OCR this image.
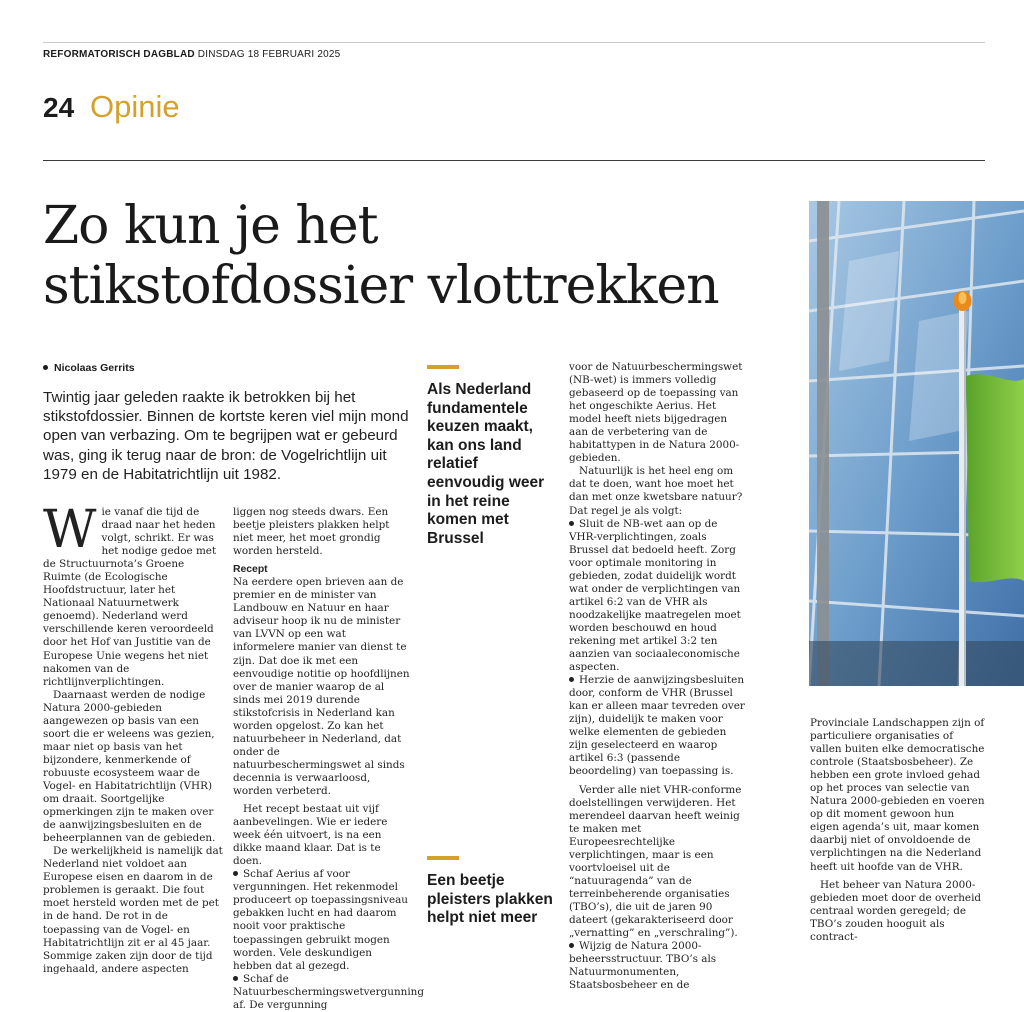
REFORMATORISCH DAGBLAD DINSDAG 18 FEBRUARI 2025
24 Opinie
Zo kun je het
stikstofdossier vlottrekken
Nicolaas Gerrits
Twintig jaar geleden raakte ik betrokken bij het stikstofdossier. Binnen de kortste keren viel mijn mond open van verbazing. Om te begrijpen wat er gebeurd was, ging ik terug naar de bron: de Vogelrichtlijn uit 1979 en de Habitatrichtlijn uit 1982.

Wie vanaf die tijd de draad naar het heden volgt, schrikt. Er was het nodige gedoe met de Structuurnota’s Groene Ruimte (de Ecologische Hoofdstructuur, later het Nationaal Natuurnetwerk genoemd). Nederland werd verschillende keren veroordeeld door het Hof van Justitie van de Europese Unie wegens het niet nakomen van de richtlijnverplichtingen.

Daarnaast werden de nodige Natura 2000-gebieden aangewezen op basis van een soort die er weleens was gezien, maar niet op basis van het bijzondere, kenmerkende of robuuste ecosysteem waar de Vogel- en Habitatrichtlijn (VHR) om draait. Soortgelijke opmerkingen zijn te maken over de aanwijzingsbesluiten en de beheerplannen van de gebieden.

De werkelijkheid is namelijk dat Nederland niet voldoet aan Europese eisen en daarom in de problemen is geraakt. Die fout moet hersteld worden met de pet in de hand. De rot in de toepassing van de Vogel- en Habitatrichtlijn zit er al 45 jaar. Sommige zaken zijn door de tijd ingehaald, andere aspecten

liggen nog steeds dwars. Een beetje pleisters plakken helpt niet meer, het moet grondig worden hersteld.

Recept

Na eerdere open brieven aan de premier en de minister van Landbouw en Natuur en haar adviseur hoop ik nu de minister van LVVN op een wat informelere manier van dienst te zijn. Dat doe ik met een eenvoudige notitie op hoofdlijnen over de manier waarop de al sinds mei 2019 durende stikstofcrisis in Nederland kan worden opgelost. Zo kan het natuurbeheer in Nederland, dat onder de natuurbeschermingswet al sinds decennia is verwaarloosd, worden verbeterd.

Het recept bestaat uit vijf aanbevelingen. Wie er iedere week één uitvoert, is na een dikke maand klaar. Dat is te doen.

Schaf Aerius af voor vergunningen. Het rekenmodel produceert op toepassingsniveau gebakken lucht en had daarom nooit voor praktische toepassingen gebruikt mogen worden. Vele deskundigen hebben dat al gezegd.

Schaf de Natuurbeschermingswetvergunning af. De vergunning

Als Nederland fundamentele keuzen maakt, kan ons land relatief eenvoudig weer in het reine komen met Brussel
Een beetje pleisters plakken helpt niet meer

voor de Natuurbeschermingswet (NB-wet) is immers volledig gebaseerd op de toepassing van het ongeschikte Aerius. Het model heeft niets bijgedragen aan de verbetering van de habitattypen in de Natura 2000-gebieden.

Natuurlijk is het heel eng om dat te doen, want hoe moet het dan met onze kwetsbare natuur? Dat regel je als volgt:

Sluit de NB-wet aan op de VHR-verplichtingen, zoals Brussel dat bedoeld heeft. Zorg voor optimale monitoring in gebieden, zodat duidelijk wordt wat onder de verplichtingen van artikel 6:2 van de VHR als noodzakelijke maatregelen moet worden beschouwd en houd rekening met artikel 3:2 ten aanzien van sociaaleconomische aspecten.

Herzie de aanwijzingsbesluiten door, conform de VHR (Brussel kan er alleen maar tevreden over zijn), duidelijk te maken voor welke elementen de gebieden zijn geselecteerd en waarop artikel 6:3 (passende beoordeling) van toepassing is.

Verder alle niet VHR-conforme doelstellingen verwijderen. Het merendeel daarvan heeft weinig te maken met Europeesrechtelijke verplichtingen, maar is een voortvloeisel uit de “natuuragenda” van de terreinbeherende organisaties (TBO’s), die uit de jaren 90 dateert (gekarakteriseerd door „vernatting” en „verschraling”).

Wijzig de Natura 2000-beheersstructuur. TBO’s als Natuurmonumenten, Staatsbosbeheer en de

Provinciale Landschappen zijn of particuliere organisaties of vallen buiten elke democratische controle (Staatsbosbeheer). Ze hebben een grote invloed gehad op het proces van selectie van Natura 2000-gebieden en voeren op dit moment gewoon hun eigen agenda’s uit, maar komen daarbij niet of onvoldoende de verplichtingen na die Nederland heeft uit hoofde van de VHR.

Het beheer van Natura 2000-gebieden moet door de overheid centraal worden geregeld; de TBO’s zouden hooguit als contract-
